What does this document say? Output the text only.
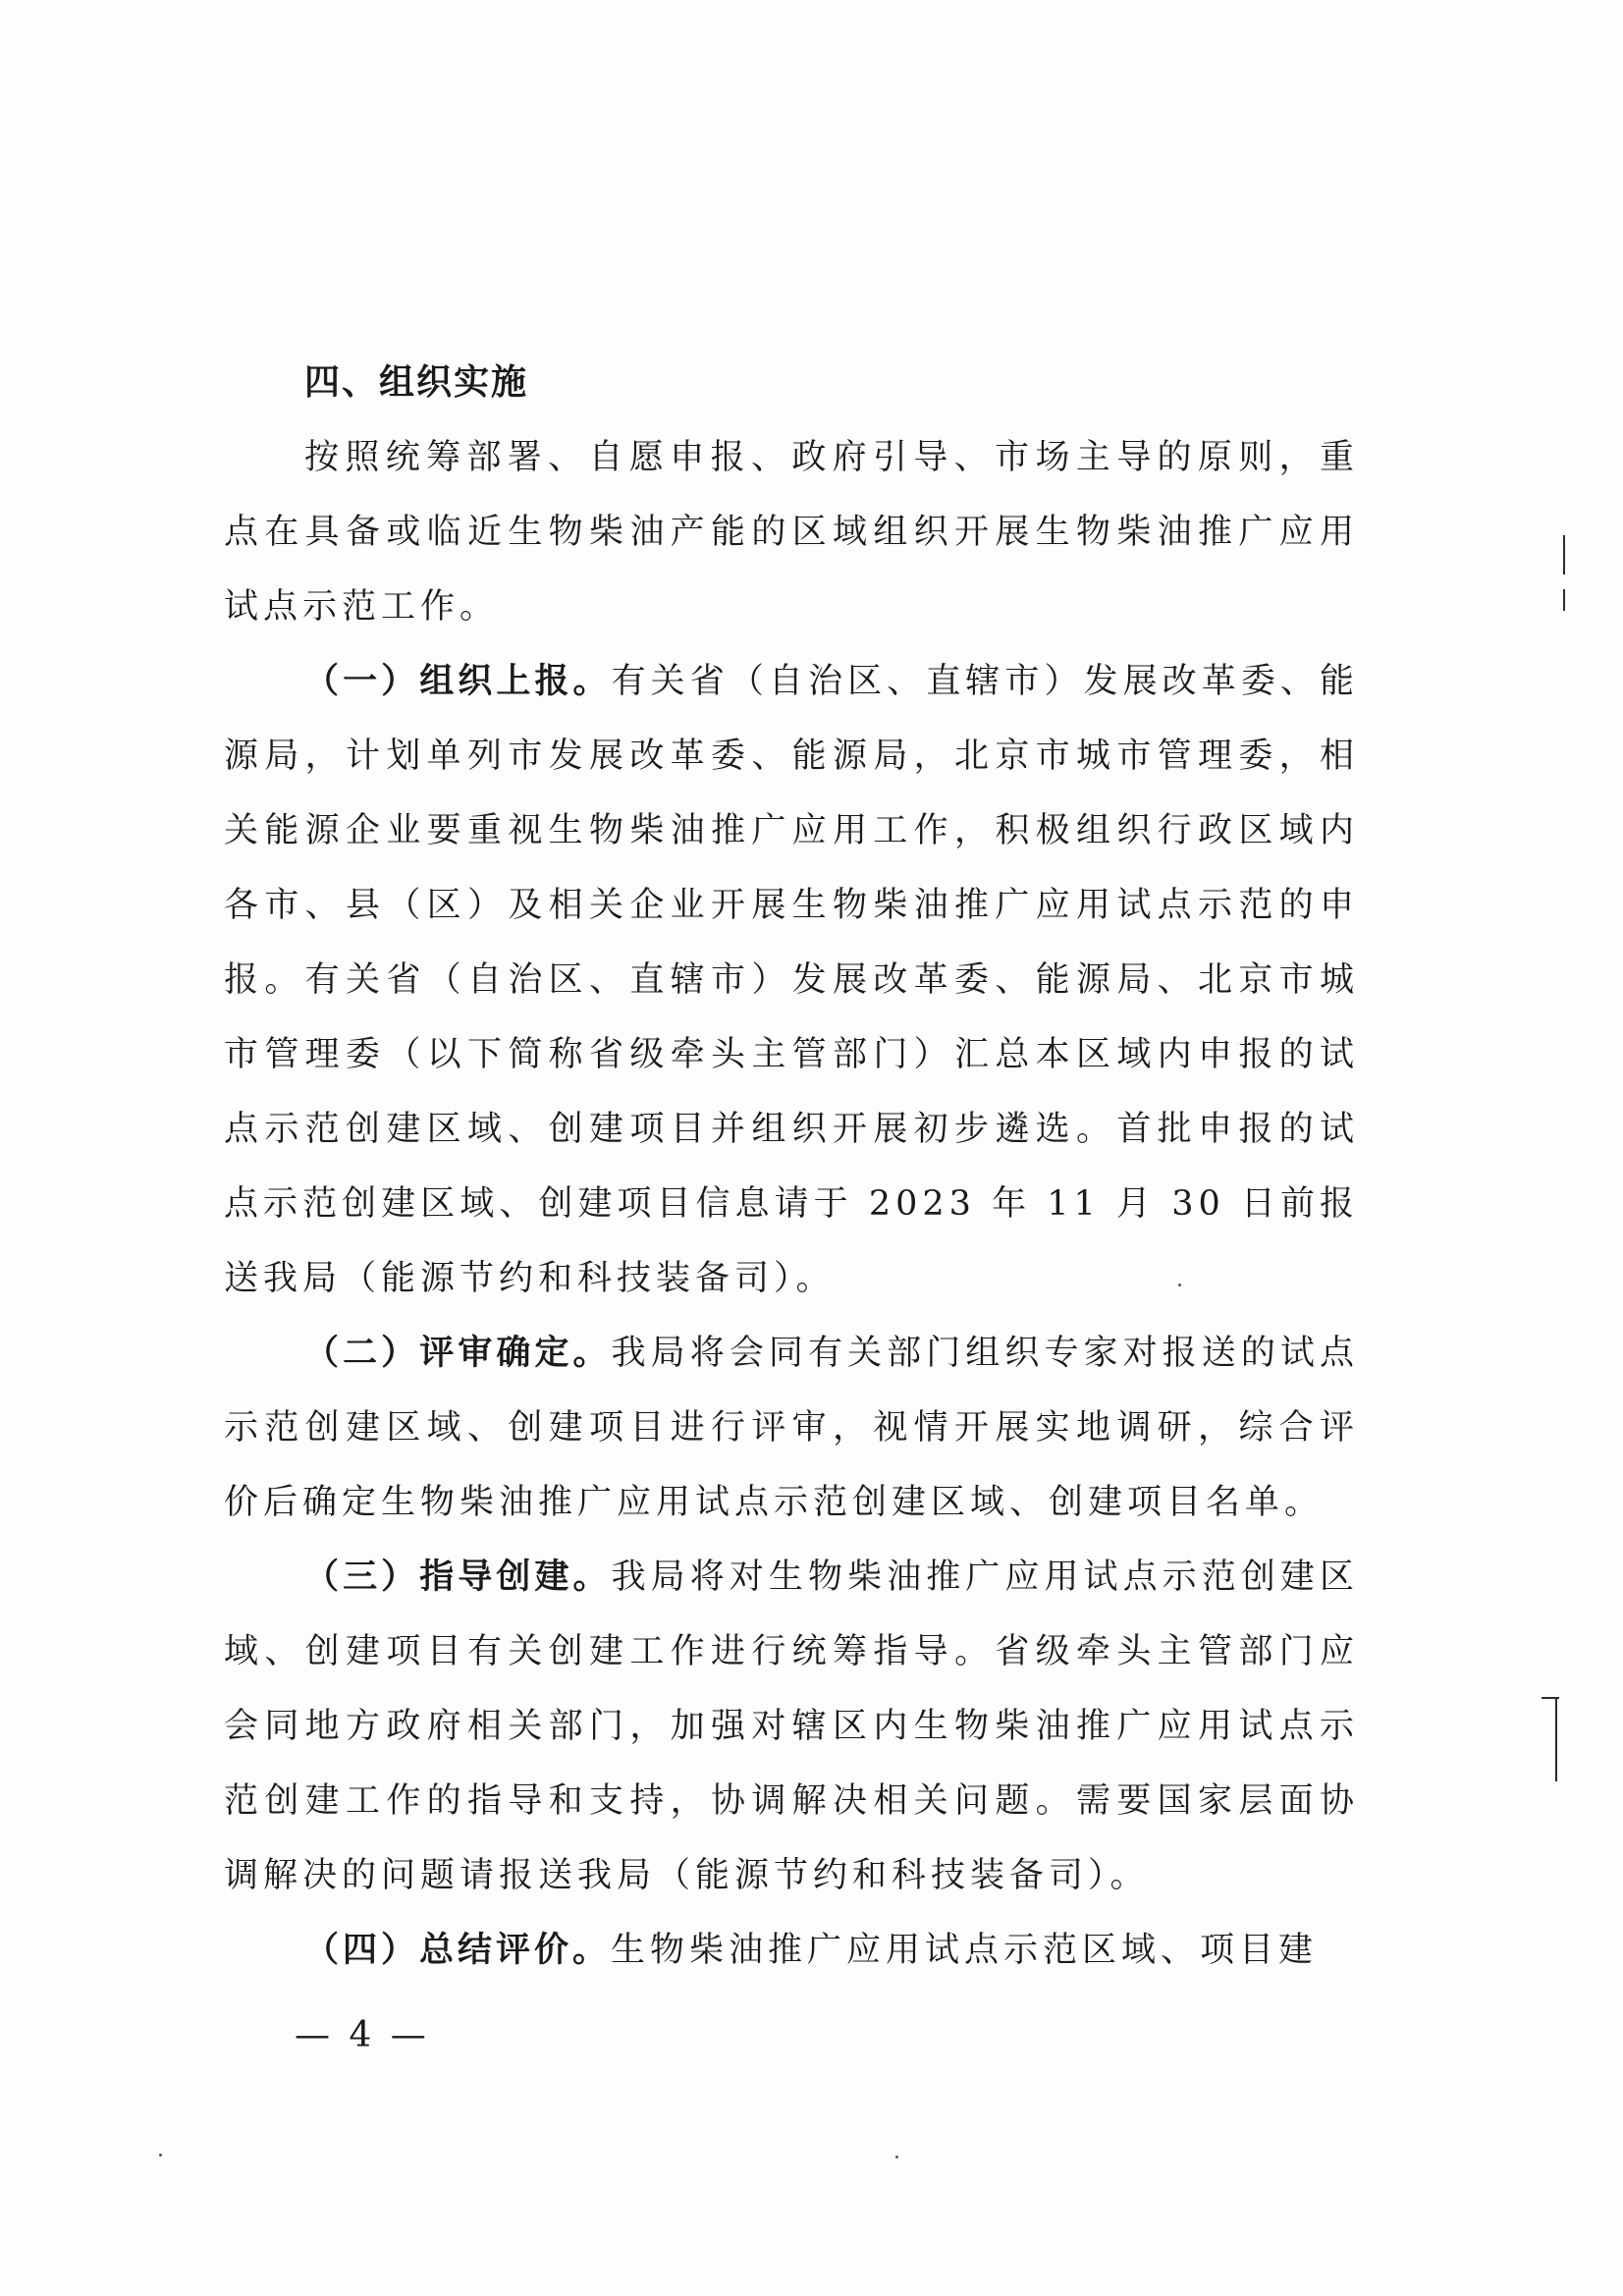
四、组织实施

按照统筹部署、自愿申报、政府引导、市场主导的原则，重点在具备或临近生物柴油产能的区域组织开展生物柴油推广应用试点示范工作。

（一）组织上报。有关省（自治区、直辖市）发展改革委、能源局，计划单列市发展改革委、能源局，北京市城市管理委，相关能源企业要重视生物柴油推广应用工作，积极组织行政区域内各市、县（区）及相关企业开展生物柴油推广应用试点示范的申报。有关省（自治区、直辖市）发展改革委、能源局、北京市城市管理委（以下简称省级牵头主管部门）汇总本区域内申报的试点示范创建区域、创建项目并组织开展初步遴选。首批申报的试点示范创建区域、创建项目信息请于 2023 年 11 月 30 日前报送我局（能源节约和科技装备司）。

（二）评审确定。我局将会同有关部门组织专家对报送的试点示范创建区域、创建项目进行评审，视情开展实地调研，综合评价后确定生物柴油推广应用试点示范创建区域、创建项目名单。

（三）指导创建。我局将对生物柴油推广应用试点示范创建区域、创建项目有关创建工作进行统筹指导。省级牵头主管部门应会同地方政府相关部门，加强对辖区内生物柴油推广应用试点示范创建工作的指导和支持，协调解决相关问题。需要国家层面协调解决的问题请报送我局（能源节约和科技装备司）。

（四）总结评价。生物柴油推广应用试点示范区域、项目建

— 4 —
